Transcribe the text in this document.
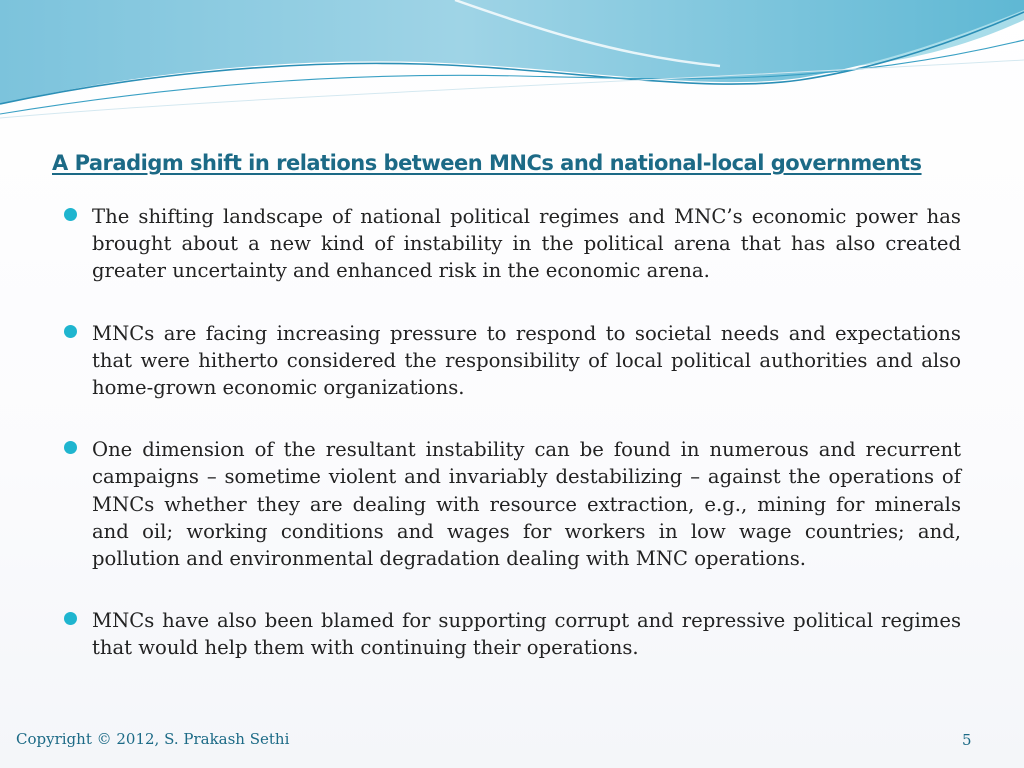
A Paradigm shift in relations between MNCs and national-local governments
The shifting landscape of national political regimes and MNC’s economic power has brought about a new kind of instability in the political arena that has also created greater uncertainty and enhanced risk in the economic arena.
MNCs are facing increasing pressure to respond to societal needs and expectations that were hitherto considered the responsibility of local political authorities and also home-grown economic organizations.
One dimension of the resultant instability can be found in numerous and recurrent campaigns – sometime violent and invariably destabilizing – against the operations of MNCs whether they are dealing with resource extraction, e.g., mining for minerals and oil; working conditions and wages for workers in low wage countries; and, pollution and environmental degradation dealing with MNC operations.
MNCs have also been blamed for supporting corrupt and repressive political regimes that would help them with continuing their operations.
Copyright © 2012, S. Prakash Sethi	5
